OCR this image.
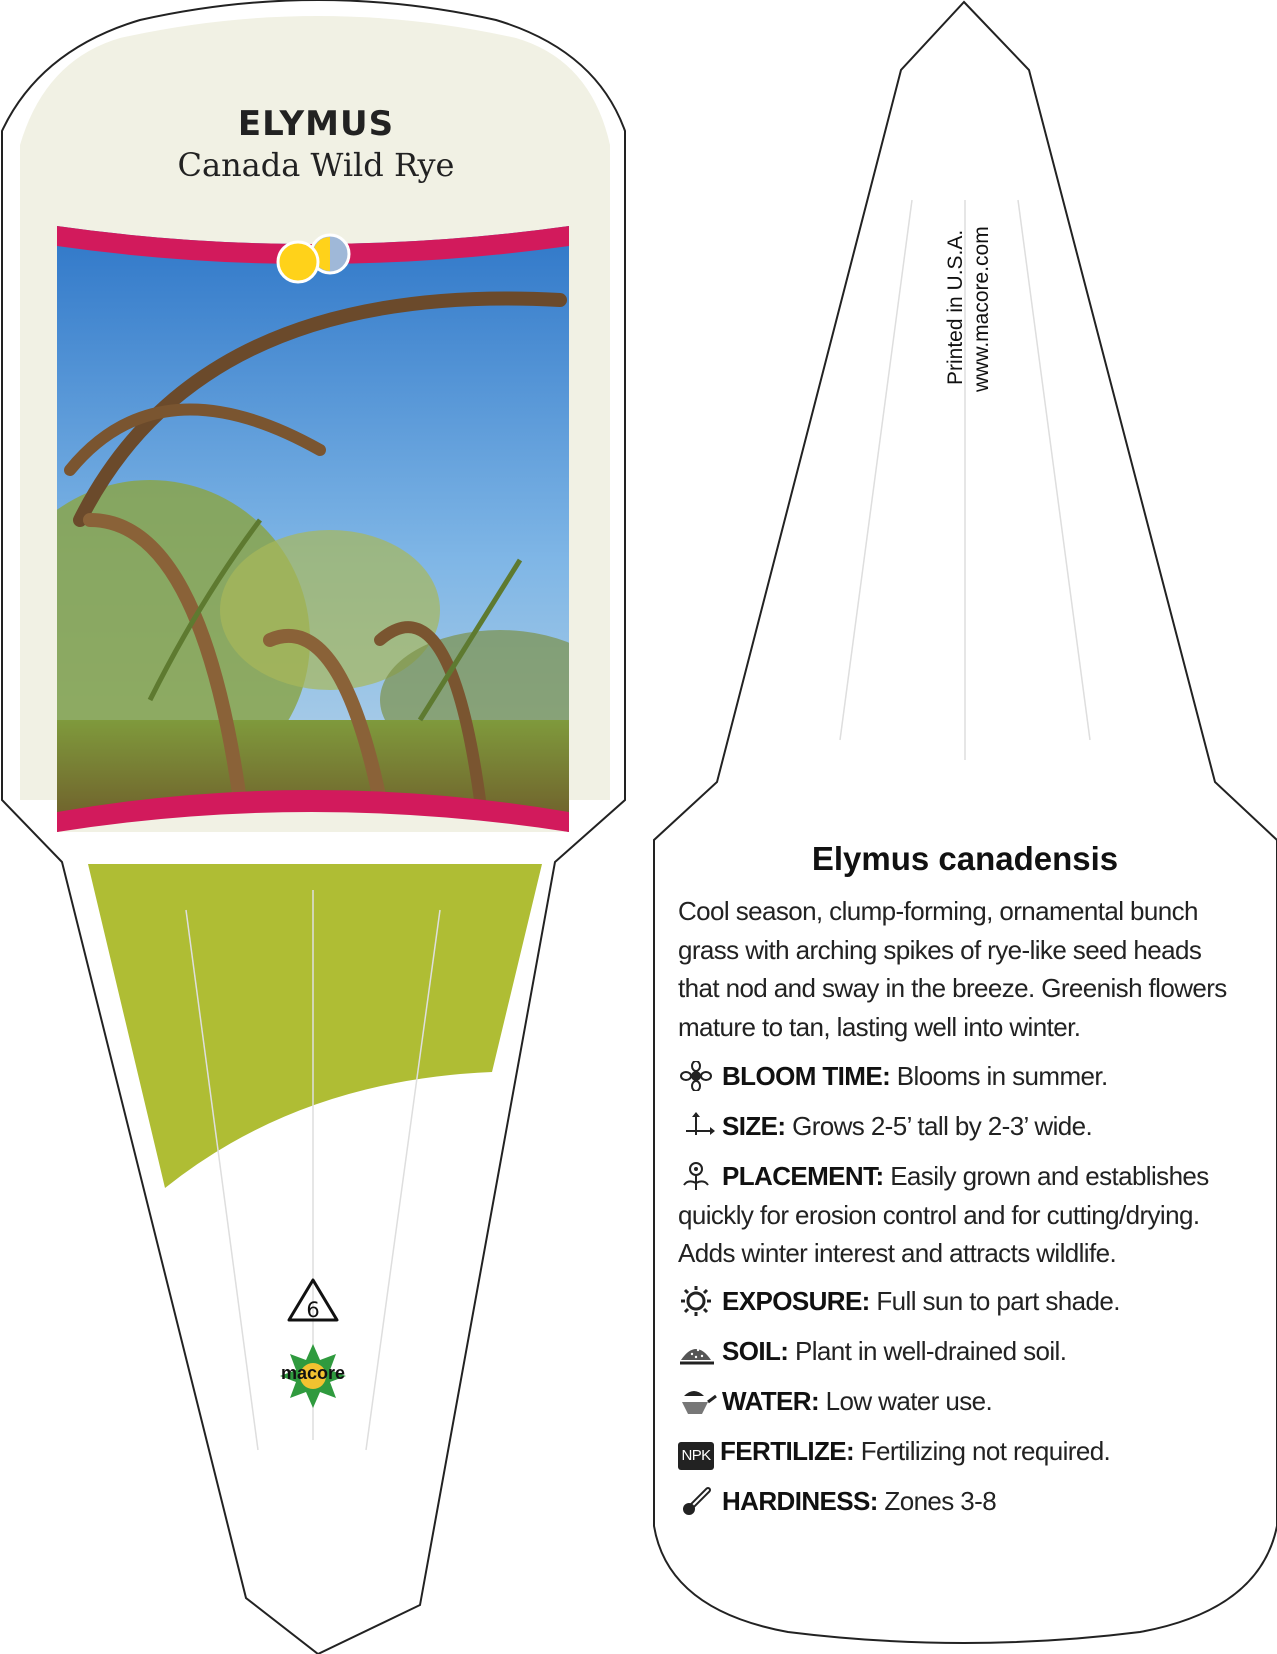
ELYMUS
Canada Wild Rye
GRASS
6
macore
Printed in U.S.A. www.macore.com
Elymus canadensis
Cool season, clump-forming, ornamental bunch grass with arching spikes of rye-like seed heads that nod and sway in the breeze. Greenish flowers mature to tan, lasting well into winter.
BLOOM TIME: Blooms in summer.
SIZE: Grows 2-5’ tall by 2-3’ wide.
PLACEMENT: Easily grown and establishes quickly for erosion control and for cutting/drying. Adds winter interest and attracts wildlife.
EXPOSURE: Full sun to part shade.
SOIL: Plant in well-drained soil.
WATER: Low water use.
NPK FERTILIZE: Fertilizing not required.
HARDINESS: Zones 3-8
